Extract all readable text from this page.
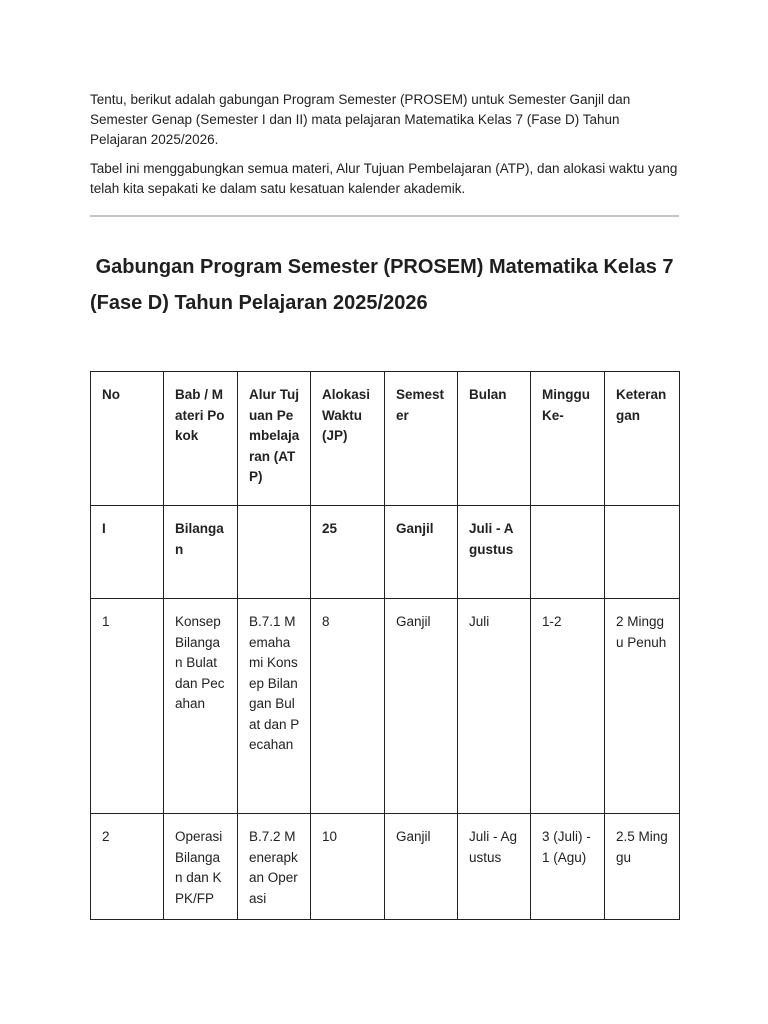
Tentu, berikut adalah gabungan Program Semester (PROSEM) untuk Semester Ganjil dan Semester Genap (Semester I dan II) mata pelajaran Matematika Kelas 7 (Fase D) Tahun Pelajaran 2025/2026.

Tabel ini menggabungkan semua materi, Alur Tujuan Pembelajaran (ATP), dan alokasi waktu yang telah kita sepakati ke dalam satu kesatuan kalender akademik.

Gabungan Program Semester (PROSEM) Matematika Kelas 7 (Fase D) Tahun Pelajaran 2025/2026
No	Bab / Materi Pokok	Alur Tujuan Pembelajaran (ATP)	Alokasi Waktu (JP)	Semester	Bulan	Minggu Ke-	Keterangan
I	Bilangan		25	Ganjil	Juli - Agustus		
1	Konsep Bilangan Bulat dan Pecahan	B.7.1 Memahami Konsep Bilangan Bulat dan Pecahan	8	Ganjil	Juli	1-2	2 Minggu Penuh
2	Operasi Bilangan dan KPK/FP	B.7.2 Menerapkan Operasi	10	Ganjil	Juli - Agustus	3 (Juli) - 1 (Agu)	2.5 Minggu
